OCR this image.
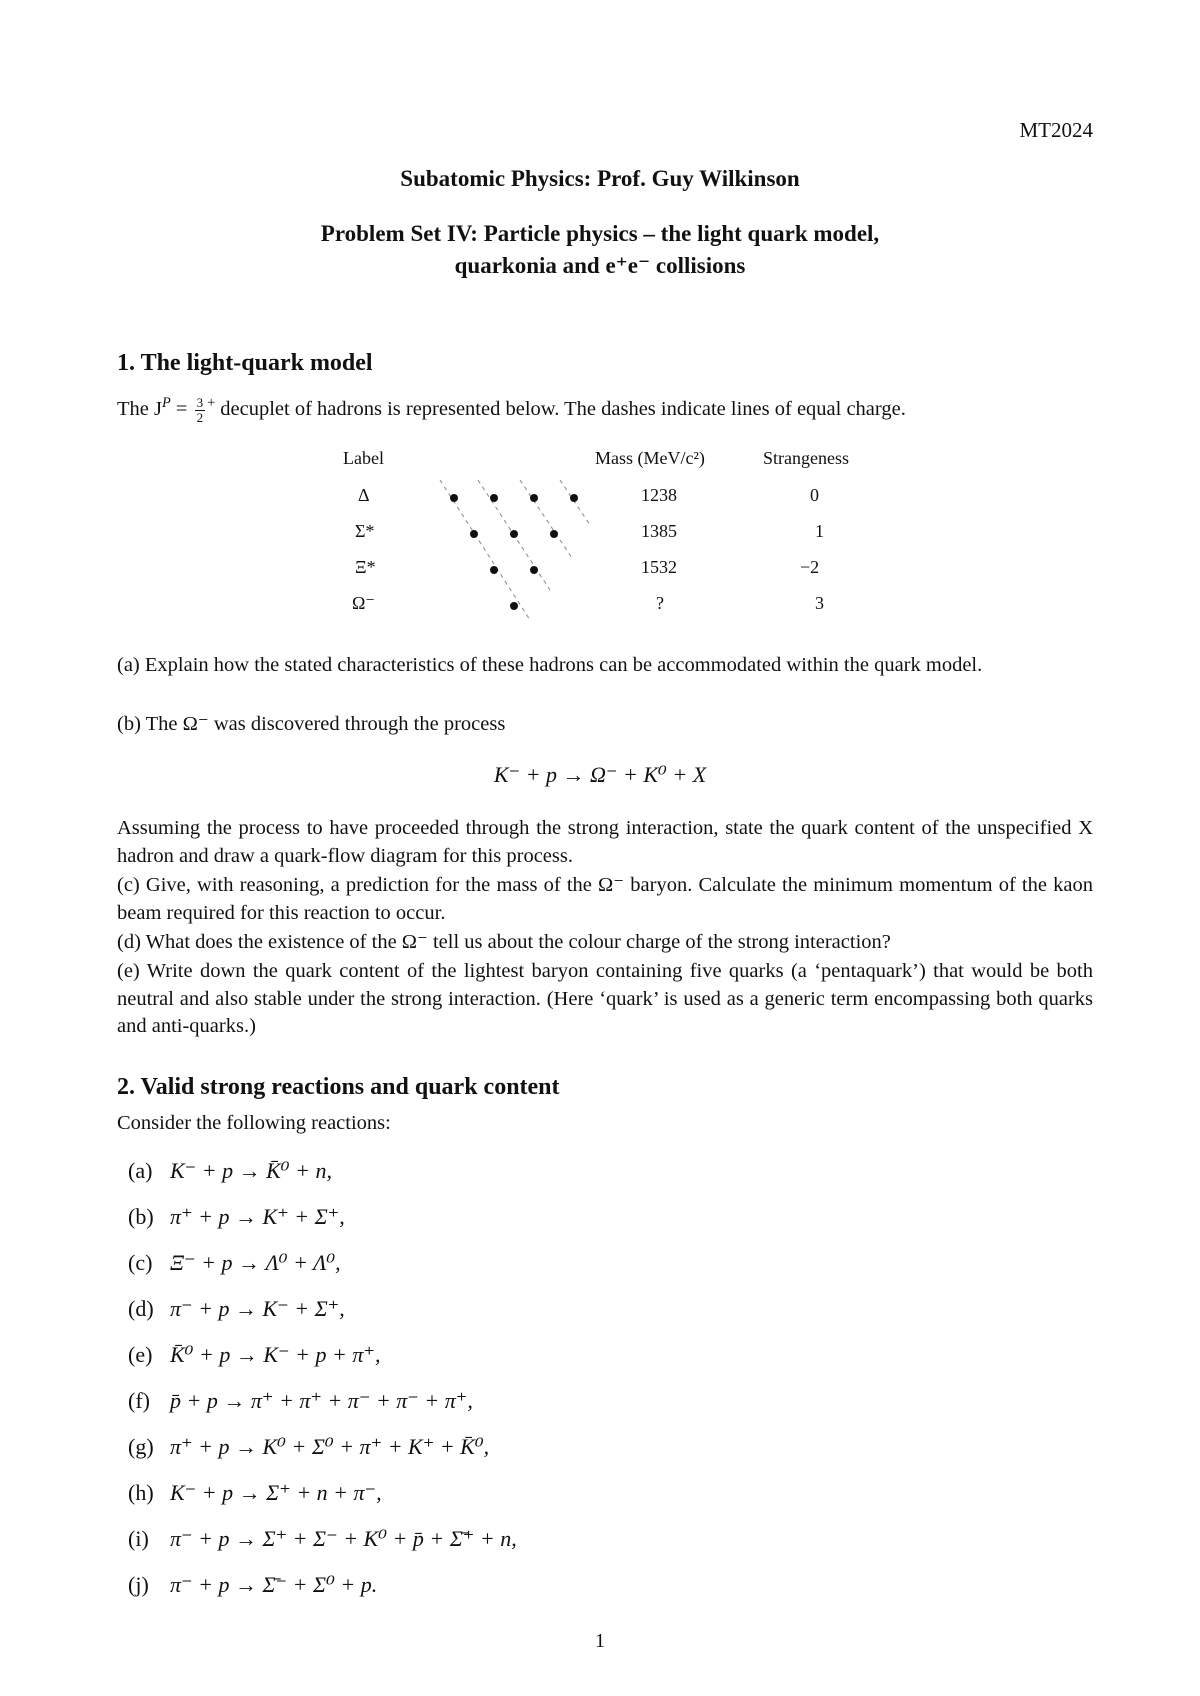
MT2024
Subatomic Physics: Prof. Guy Wilkinson
Problem Set IV: Particle physics – the light quark model,
quarkonia and e⁺e⁻ collisions
1. The light-quark model
The $J^P = \frac{3}{2} ^+$ decuplet of hadrons is represented below. The dashes indicate lines of equal charge.
Label	Mass (MeV/c²)	Strangeness
Δ	1238	0
Σ*	1385	1
Ξ*	1532	−2
Ω⁻	?	3
(a) Explain how the stated characteristics of these hadrons can be accommodated within the quark model.
(b) The Ω⁻ was discovered through the process
K⁻ + p → Ω⁻ + K⁰ + X
Assuming the process to have proceeded through the strong interaction, state the quark content of the unspecified X hadron and draw a quark-flow diagram for this process.
(c) Give, with reasoning, a prediction for the mass of the Ω⁻ baryon. Calculate the minimum momentum of the kaon beam required for this reaction to occur.
(d) What does the existence of the Ω⁻ tell us about the colour charge of the strong interaction?
(e) Write down the quark content of the lightest baryon containing five quarks (a ‘pentaquark’) that would be both neutral and also stable under the strong interaction. (Here ‘quark’ is used as a generic term encompassing both quarks and anti-quarks.)
2. Valid strong reactions and quark content
Consider the following reactions:
(a) K⁻ + p → K̄⁰ + n,
(b) π⁺ + p → K⁺ + Σ⁺,
(c) Ξ⁻ + p → Λ⁰ + Λ⁰,
(d) π⁻ + p → K⁻ + Σ⁺,
(e) K̄⁰ + p → K⁻ + p + π⁺,
(f) p̄ + p → π⁺ + π⁺ + π⁻ + π⁻ + π⁺,
(g) π⁺ + p → K⁰ + Σ⁰ + π⁺ + K⁺ + K̄⁰,
(h) K⁻ + p → Σ⁺ + n + π⁻,
(i) π⁻ + p → Σ⁺ + Σ⁻ + K⁰ + p̄ + Σ̄⁺ + n,
(j) π⁻ + p → Σ̄⁻ + Σ⁰ + p.
1
